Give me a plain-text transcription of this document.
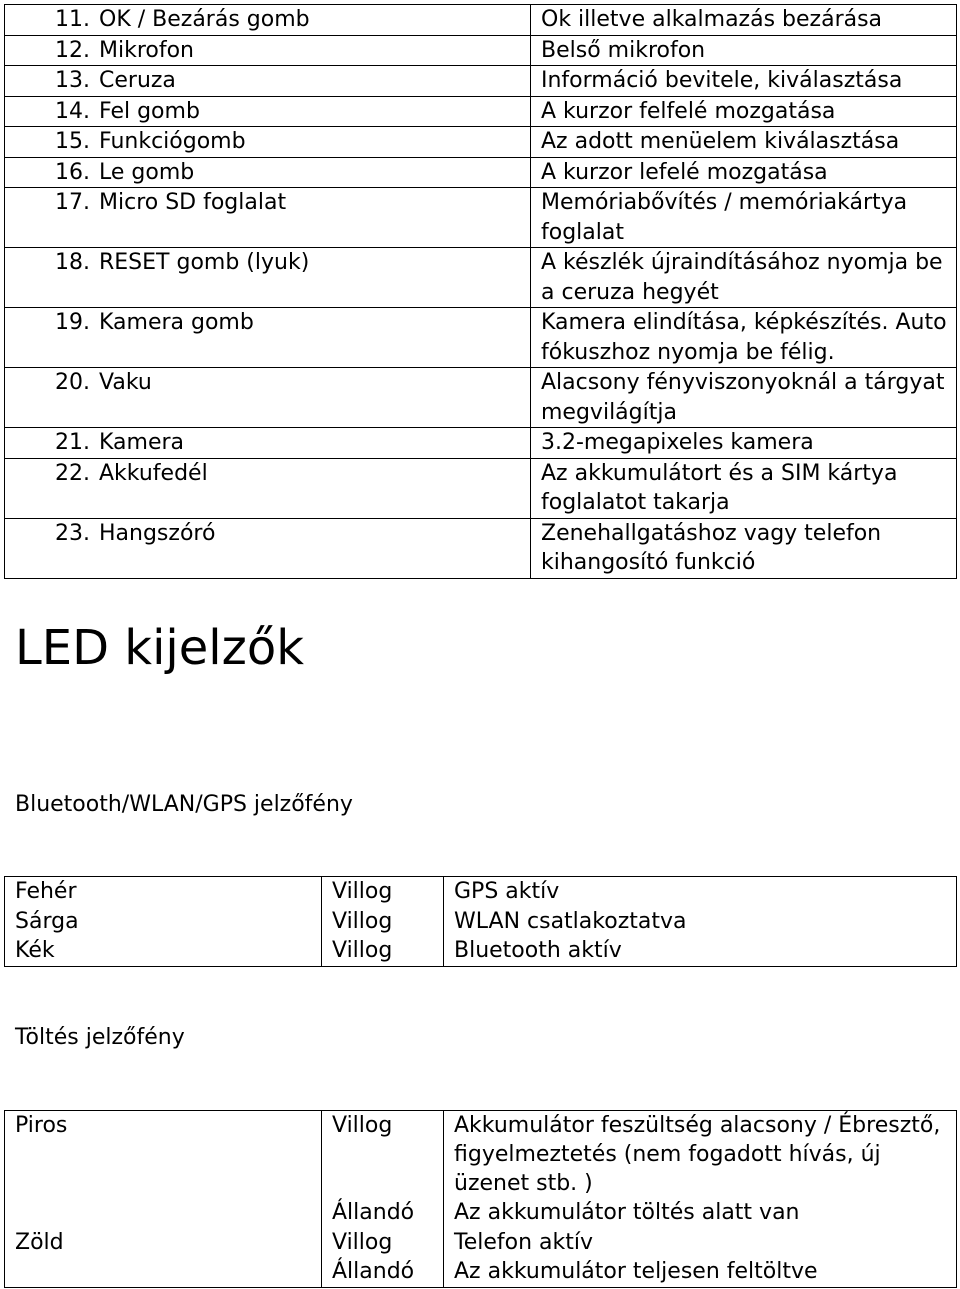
11. OK / Bezárás gomb	Ok illetve alkalmazás bezárása
12. Mikrofon	Belső mikrofon
13. Ceruza	Információ bevitele, kiválasztása
14. Fel gomb	A kurzor felfelé mozgatása
15. Funkciógomb	Az adott menüelem kiválasztása
16. Le gomb	A kurzor lefelé mozgatása
17. Micro SD foglalat	Memóriabővítés / memóriakártya foglalat
18. RESET gomb (lyuk)	A készlék újraindításához nyomja be a ceruza hegyét
19. Kamera gomb	Kamera elindítása, képkészítés. Auto fókuszhoz nyomja be félig.
20. Vaku	Alacsony fényviszonyoknál a tárgyat megvilágítja
21. Kamera	3.2-megapixeles kamera
22. Akkufedél	Az akkumulátort és a SIM kártya foglalatot takarja
23. Hangszóró	Zenehallgatáshoz vagy telefon kihangosító funkció
LED kijelzők
Bluetooth/WLAN/GPS jelzőfény
Fehér	Villog	GPS aktív
Sárga	Villog	WLAN csatlakoztatva
Kék	Villog	Bluetooth aktív
Töltés jelzőfény
Piros	Villog	Akkumulátor feszültség alacsony / Ébresztő, figyelmeztetés (nem fogadott hívás, új üzenet stb. )
	Állandó	Az akkumulátor töltés alatt van
Zöld	Villog	Telefon aktív
	Állandó	Az akkumulátor teljesen feltöltve
